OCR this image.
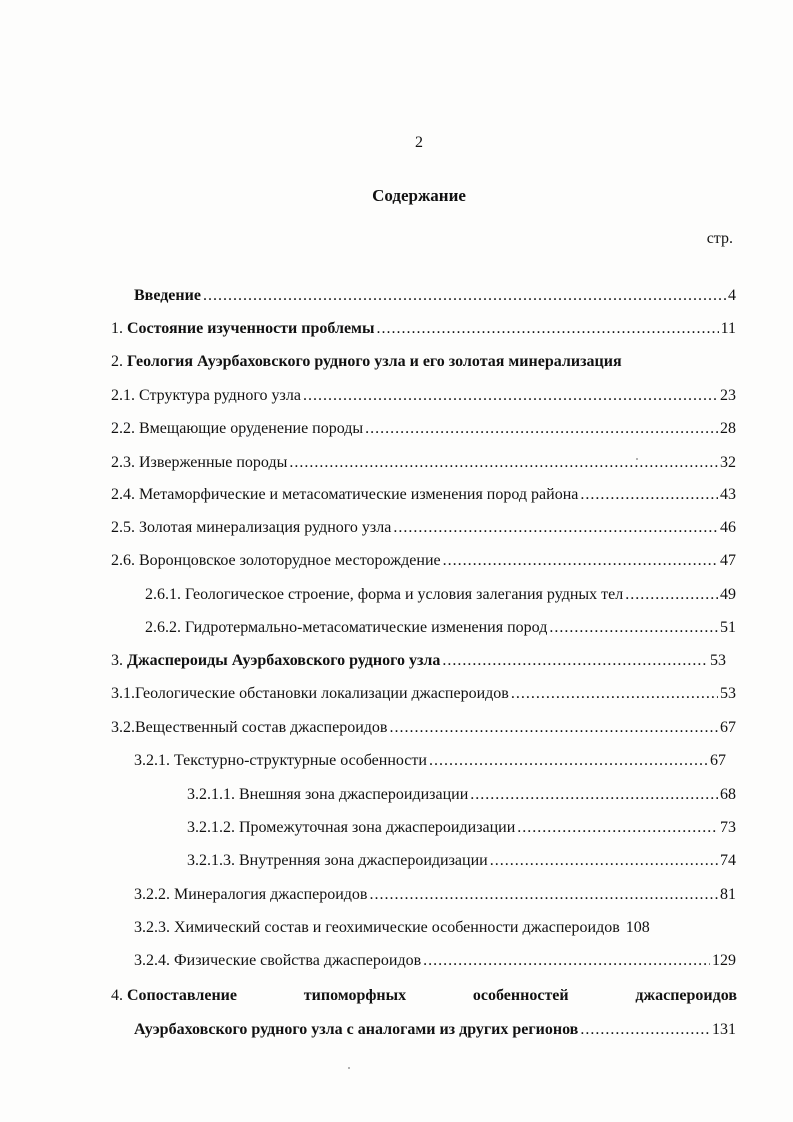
2
Содержание
стр.
Введение .....	4
1. Состояние изученности проблемы .....	11
2. Геология Ауэрбаховского рудного узла и его золотая минерализация
2.1. Структура рудного узла .....	23
2.2. Вмещающие оруденение породы .....	28
2.3. Изверженные породы .....	32
2.4. Метаморфические и метасоматические изменения пород района .....	43
2.5. Золотая минерализация рудного узла .....	46
2.6. Воронцовское золоторудное месторождение .....	47
2.6.1. Геологическое строение, форма и условия залегания рудных тел .....	49
2.6.2. Гидротермально-метасоматические изменения пород .....	51
3. Джаспероиды Ауэрбаховского рудного узла .....	53
3.1. Геологические обстановки локализации джаспероидов .....	53
3.2. Вещественный состав джаспероидов .....	67
3.2.1. Текстурно-структурные особенности .....	67
3.2.1.1. Внешняя зона джаспероидизации .....	68
3.2.1.2. Промежуточная зона джаспероидизации .....	73
3.2.1.3. Внутренняя зона джаспероидизации .....	74
3.2.2. Минералогия джаспероидов .....	81
3.2.3. Химический состав и геохимические особенности джаспероидов 108
3.2.4. Физические свойства джаспероидов .....	129
4. Сопоставление	типоморфных	особенностей	джаспероидов
Ауэрбаховского рудного узла с аналогами из других регионов .....	131
